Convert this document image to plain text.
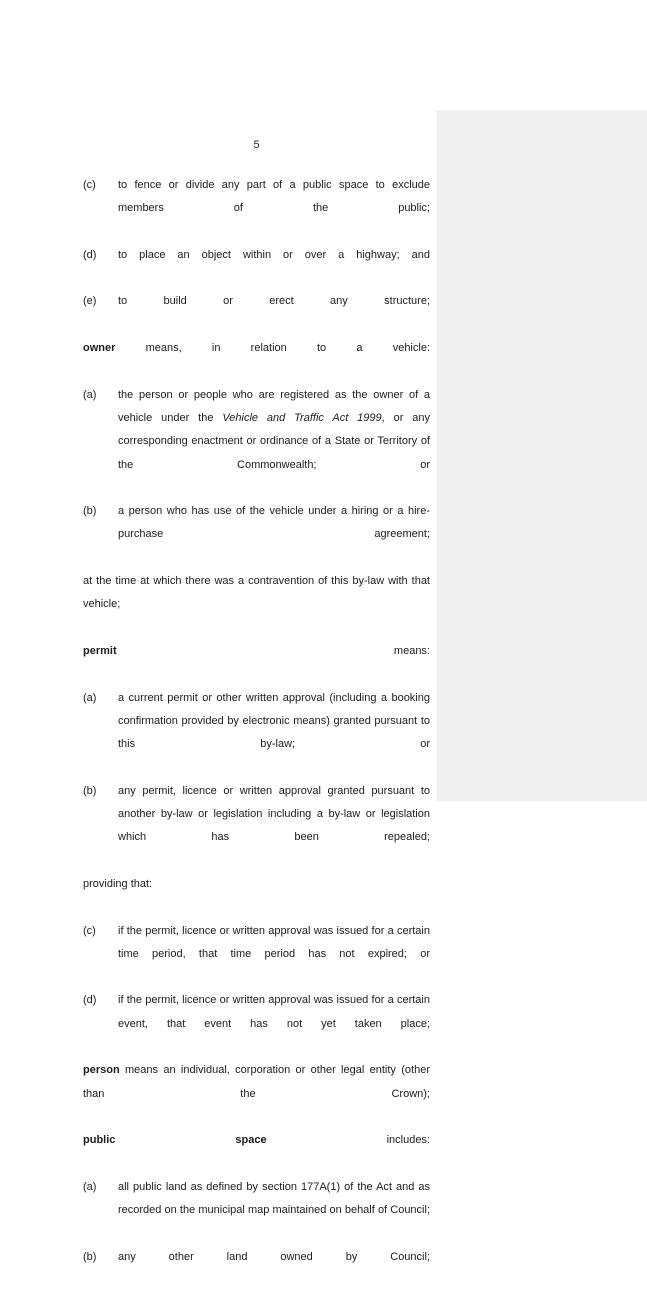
5
(c)	to fence or divide any part of a public space to exclude members of the public;
(d)	to place an object within or over a highway; and
(e)	to build or erect any structure;
owner means, in relation to a vehicle:
(a)	the person or people who are registered as the owner of a vehicle under the Vehicle and Traffic Act 1999, or any corresponding enactment or ordinance of a State or Territory of the Commonwealth; or
(b)	a person who has use of the vehicle under a hiring or a hire-purchase agreement;
at the time at which there was a contravention of this by-law with that vehicle;
permit means:
(a)	a current permit or other written approval (including a booking confirmation provided by electronic means) granted pursuant to this by-law; or
(b)	any permit, licence or written approval granted pursuant to another by-law or legislation including a by-law or legislation which has been repealed;
providing that:
(c)	if the permit, licence or written approval was issued for a certain time period, that time period has not expired; or
(d)	if the permit, licence or written approval was issued for a certain event, that event has not yet taken place;
person means an individual, corporation or other legal entity (other than the Crown);
public space includes:
(a)	all public land as defined by section 177A(1) of the Act and as recorded on the municipal map maintained on behalf of Council;
(b)	any other land owned by Council;
